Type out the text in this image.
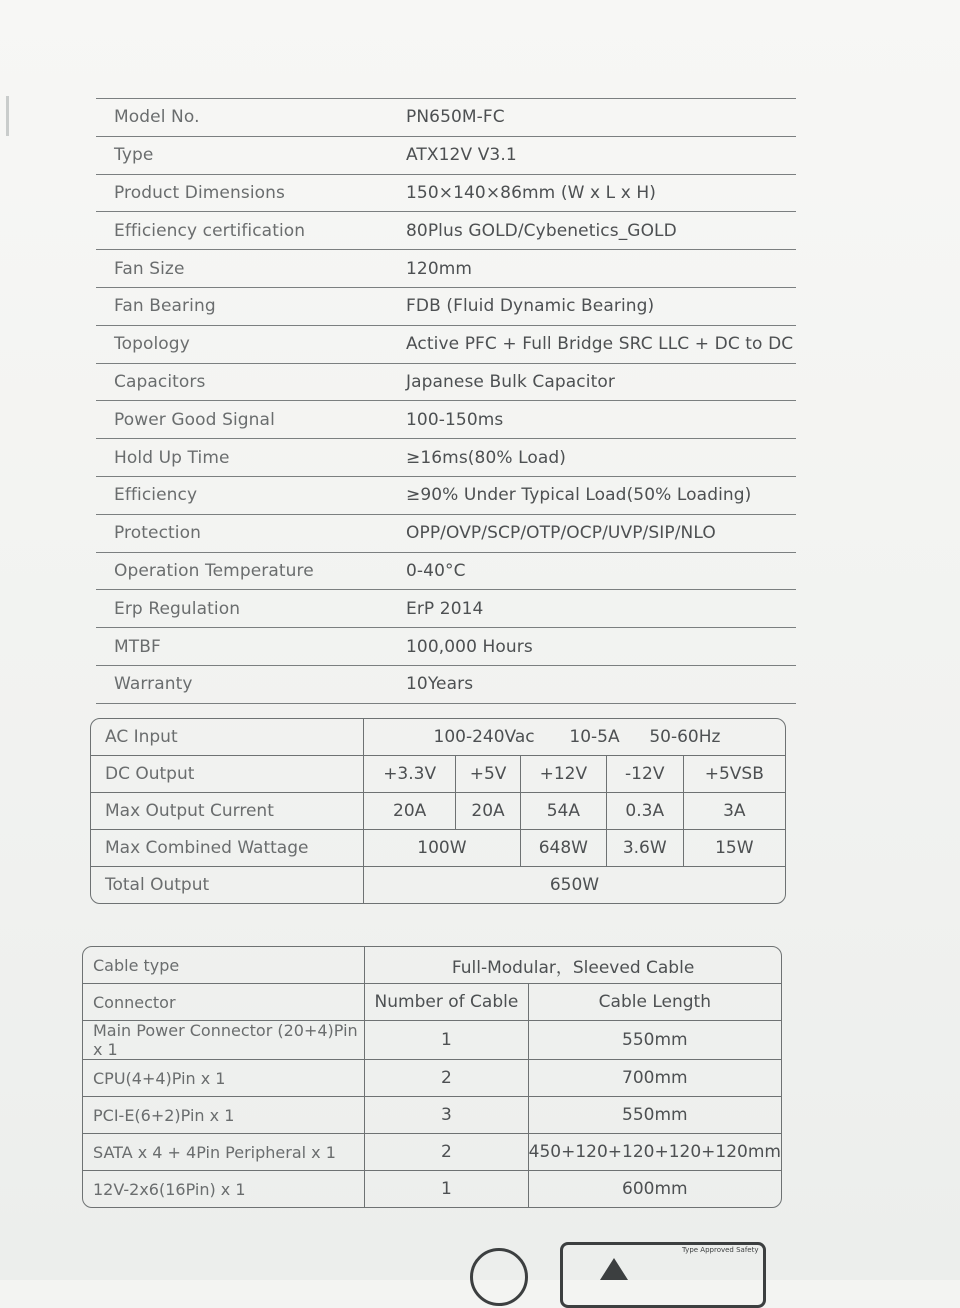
Model No.	PN650M-FC
Type	ATX12V V3.1
Product Dimensions	150×140×86mm (W x L x H)
Efficiency certification	80Plus GOLD/Cybenetics_GOLD
Fan Size	120mm
Fan Bearing	FDB (Fluid Dynamic Bearing)
Topology	Active PFC + Full Bridge SRC LLC + DC to DC
Capacitors	Japanese Bulk Capacitor
Power Good Signal	100-150ms
Hold Up Time	≥16ms(80% Load)
Efficiency	≥90% Under Typical Load(50% Loading)
Protection	OPP/OVP/SCP/OTP/OCP/UVP/SIP/NLO
Operation Temperature	0-40°C
Erp Regulation	ErP 2014
MTBF	100,000 Hours
Warranty	10Years
AC Input	100-240Vac 10-5A 50-60Hz				
DC Output	+3.3V	+5V	+12V	-12V	+5VSB
Max Output Current	20A	20A	54A	0.3A	3A
Max Combined Wattage	100W		648W	3.6W	15W
Total Output	650W				
Cable type	Full-Modular，Sleeved Cable	
Connector	Number of Cable	Cable Length
Main Power Connector (20+4)Pin x 1	1	550mm
CPU(4+4)Pin x 1	2	700mm
PCI-E(6+2)Pin x 1	3	550mm
SATA x 4 + 4Pin Peripheral x 1	2	450+120+120+120+120mm
12V-2x6(16Pin) x 1	1	600mm
Type Approved Safety
